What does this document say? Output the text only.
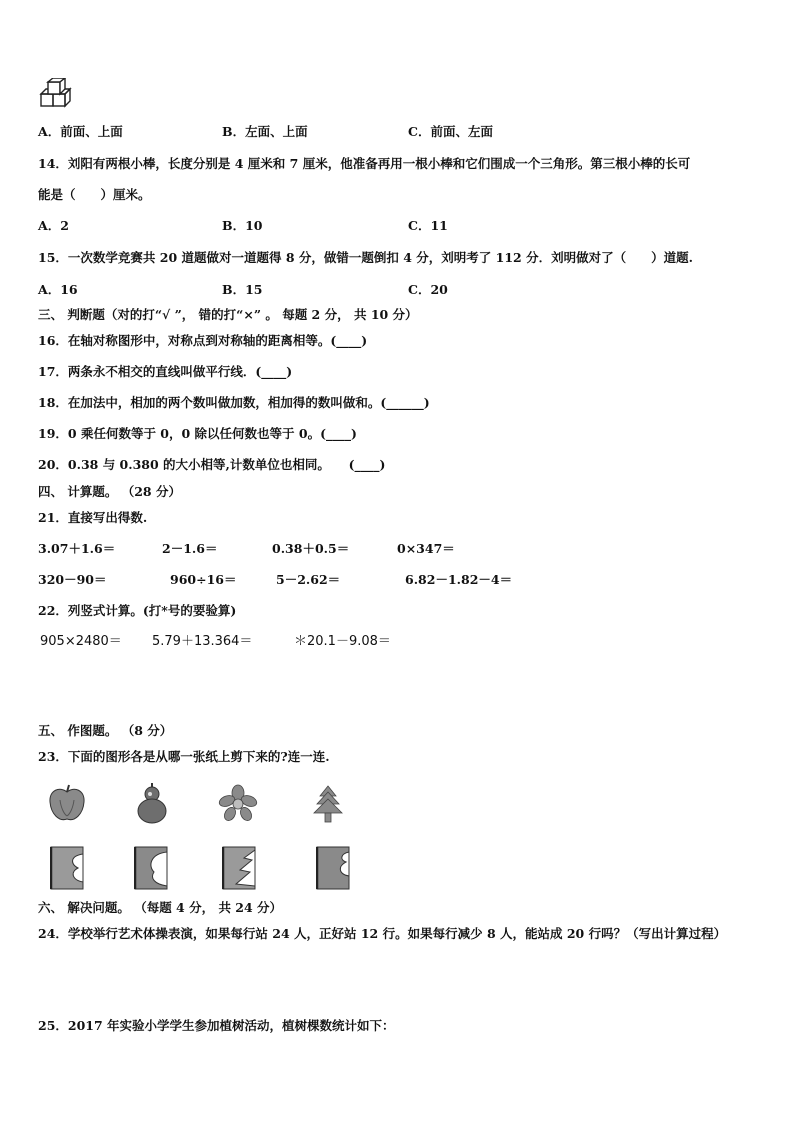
A．前面、上面	B．左面、上面	C．前面、左面
14．刘阳有两根小棒，长度分别是 4 厘米和 7 厘米，他准备再用一根小棒和它们围成一个三角形。第三根小棒的长可
能是（　　）厘米。
A．2	B．10	C．11
15．一次数学竞赛共 20 道题做对一道题得 8 分，做错一题倒扣 4 分，刘明考了 112 分．刘明做对了（　　）道题.
A．16	B．15	C．20
三、 判断题（对的打“√ ”， 错的打“×” 。 每题 2 分， 共 10 分）
16．在轴对称图形中，对称点到对称轴的距离相等。(____)
17．两条永不相交的直线叫做平行线．(____)
18．在加法中，相加的两个数叫做加数，相加得的数叫做和。(______)
19．0 乘任何数等于 0，0 除以任何数也等于 0。(____)
20．0.38 与 0.380 的大小相等,计数单位也相同。　　(____)
四、 计算题。 （28 分）
21．直接写出得数.
3.07＋1.6＝	2－1.6＝	0.38＋0.5＝	0×347＝
320－90＝	960÷16＝	5－2.62＝	6.82－1.82－4＝
22．列竖式计算。(打*号的要验算)
905×2480＝ 5.79＋13.364＝	＊20.1－9.08＝
五、 作图题。 （8 分）
23．下面的图形各是从哪一张纸上剪下来的?连一连.
六、 解决问题。 （每题 4 分， 共 24 分）
24．学校举行艺术体操表演，如果每行站 24 人，正好站 12 行。如果每行减少 8 人，能站成 20 行吗？（写出计算过程）
25．2017 年实验小学学生参加植树活动，植树棵数统计如下：
